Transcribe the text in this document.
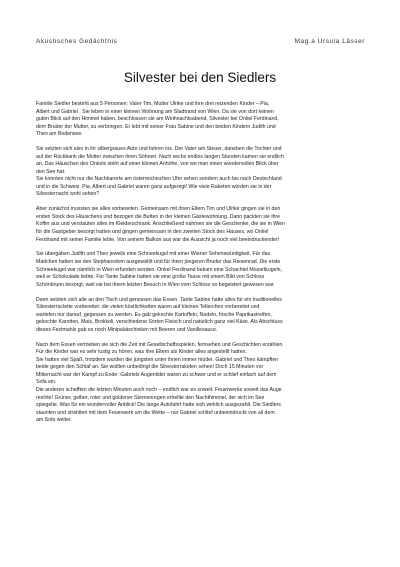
Akustisches Gedächtnis	Mag.a Ursula Lässer
Silvester bei den Siedlers
Familie Siedler besteht aus 5 Personen: Vater Tim, Mutter Ulrike und ihre drei reizenden Kinder – Pia,
Albert und Gabriel . Sie leben in einer kleinen Wohnung am Stadtrand von Wien. Da sie von dort keinen
guten Blick auf den Himmel haben, beschlossen sie am Weihnachtsabend, Silvester bei Onkel Ferdinand,
dem Bruder der Mutter, zu verbringen. Er lebt mit seiner Frau Sabine und den beiden Kindern Judith und
Theo am Bodensee.
Sie setzten sich also in ihr silbergraues Auto und fuhren los. Der Vater am Steuer, daneben die Tochter und
auf der Rückbank die Mutter zwischen ihren Söhnen. Nach sechs endlos langen Stunden kamen sie endlich
an. Das Häuschen des Onkels steht auf einer kleinen Anhöhe, von wo man einen wundervollen Blick über
den See hat.
Sie konnten nicht nur die Nachbarorte am österreichischen Ufer sehen sondern auch bis nach Deutschland
und in die Schweiz. Pia, Albert und Gabriel waren ganz aufgeregt! Wie viele Raketen würden sie in der
Silvesternacht wohl sehen?
Aber zunächst mussten sie alles vorbereiten. Gemeinsam mit ihren Eltern Tim und Ulrike gingen sie in den
ersten Stock des Häuschens und bezogen die Betten in der kleinen Gästewohnung. Dann packten sie ihre
Koffer aus und verstauten alles im Kleiderschrank. Anschließend nahmen sie die Geschenke, die sie in Wien
für die Gastgeber besorgt hatten und gingen gemeinsam in den zweiten Stock des Hauses, wo Onkel
Ferdinand mit seiner Familie lebte. Von seinem Balkon aus war die Aussicht ja noch viel beeindruckender!
Sie übergaben Judith und Theo jeweils eine Schneekugel mit einer Wiener Sehenswürdigkeit. Für das
Mädchen hatten sie den Stephansdom ausgewählt und für ihren jüngeren Bruder das Riesenrad. Die erste
Schneekugel war nämlich in Wien erfunden worden. Onkel Ferdinand bekam eine Schachtel Mozartkugeln,
weil er Schokolade liebte. Für Tante Sabine hatten sie eine große Tasse mit einem Bild von Schloss
Schönbrunn besorgt, weil sie bei ihrem letzten Besuch in Wien vom Schloss so begeistert gewesen war.
Dann setzten sich alle an den Tisch und genossen das Essen. Tante Sabine hatte alles für ein traditionelles
Silvesterraclette vorbereitet: die vielen köstlichkeiten waren auf kleinen Tellerchen vorbereitet und
warteten nur darauf, gegessen zu werden. Es gab gekochte Kartoffeln, Nudeln, frische Paprikastreifen,
gekochte Karotten, Mais, Brokkoli, verschiedene Sorten Fleisch und natürlich ganz viel Käse. Als Abschluss
dieses Festmahls gab es noch Minipalatschinken mit Beeren und Vanillesauce.
Nach dem Essen vertrieben sie sich die Zeit mit Gesellschaftsspielen, fernsehen und Geschichten erzählen.
Für die Kinder war es sehr lustig zu hören, was ihre Eltern als Kinder alles angestellt hatten.
Sie hatten viel Spaß, trotzdem wurden die jüngsten unter ihnen immer müder. Gabriel und Theo kämpften
beide gegen den Schlaf an. Sie wollten unbedingt die Silvesterraketen sehen! Doch 15 Minuten vor
Mitternacht war der Kampf zu Ende: Gabriels Augenlider waren zu schwer und er schlief einfach auf dem
Sofa ein.
Die anderen schafften die letzten Minuten auch noch – endlich war es soweit: Feuerwerke soweit das Auge
reichte! Grüner, gelber, roter und goldener Sternenregen erhellte den Nachthimmel, der sich im See
spiegelte. Was für ein wundervoller Anblick! Die lange Autofahrt hatte sich wirklich ausgezahlt. Die Siedlers
staunten und strahlten mit dem Feuerwerk um die Wette – nur Gabriel schlief unbeeindruckt von all dem
am Sofa weiter.
